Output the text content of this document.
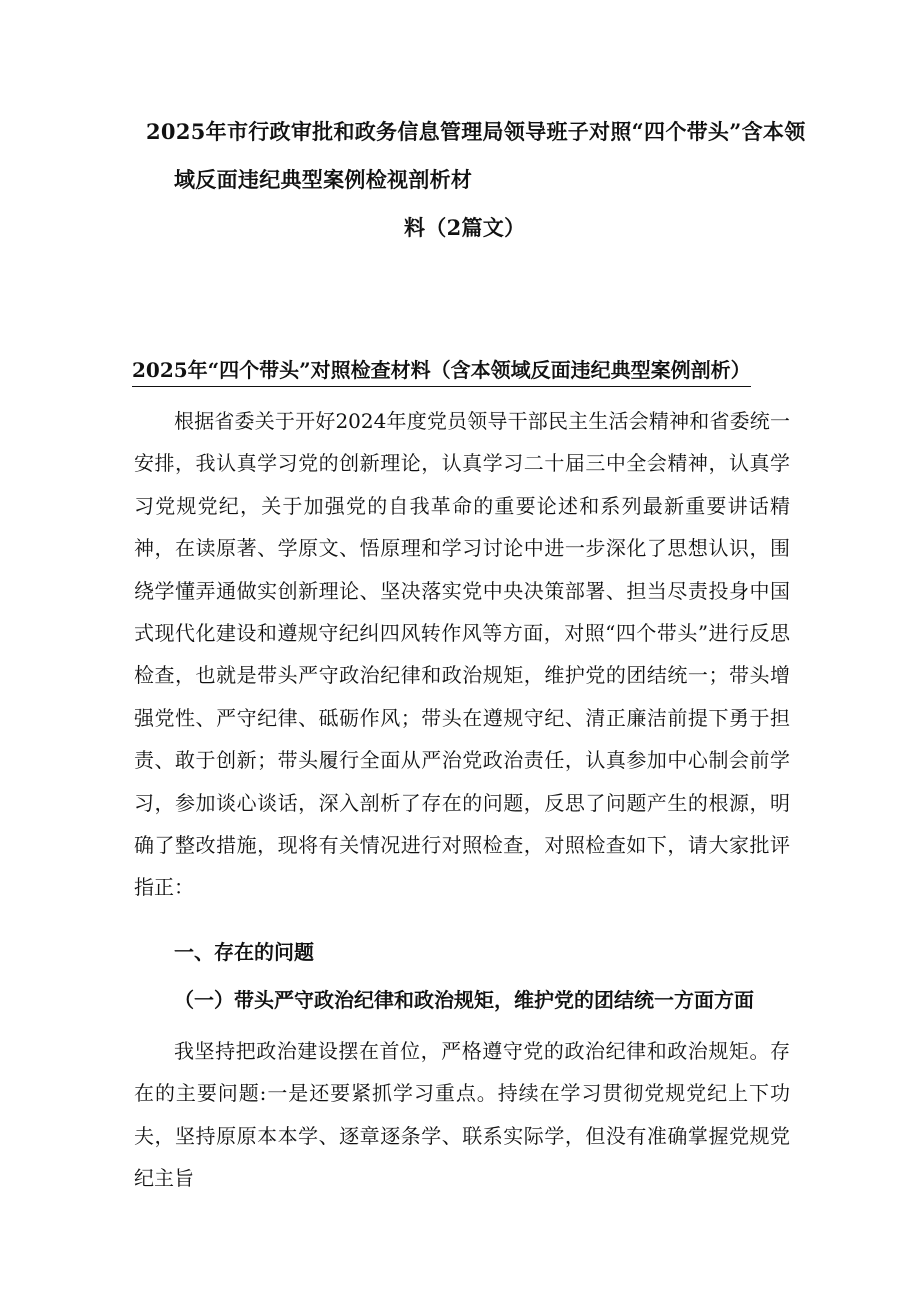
2025年市行政审批和政务信息管理局领导班子对照“四个带头”含本领
域反面违纪典型案例检视剖析材
料（2篇文）
2025年“四个带头”对照检查材料（含本领域反面违纪典型案例剖析）

根据省委关于开好2024年度党员领导干部民主生活会精神和省委统一安排，我认真学习党的创新理论，认真学习二十届三中全会精神，认真学习党规党纪，关于加强党的自我革命的重要论述和系列最新重要讲话精神，在读原著、学原文、悟原理和学习讨论中进一步深化了思想认识，围绕学懂弄通做实创新理论、坚决落实党中央决策部署、担当尽责投身中国式现代化建设和遵规守纪纠四风转作风等方面，对照“四个带头”进行反思检查，也就是带头严守政治纪律和政治规矩，维护党的团结统一；带头增强党性、严守纪律、砥砺作风；带头在遵规守纪、清正廉洁前提下勇于担责、敢于创新；带头履行全面从严治党政治责任，认真参加中心制会前学习，参加谈心谈话，深入剖析了存在的问题，反思了问题产生的根源，明确了整改措施，现将有关情况进行对照检查，对照检查如下，请大家批评指正：

一、存在的问题
（一）带头严守政治纪律和政治规矩，维护党的团结统一方面方面

我坚持把政治建设摆在首位，严格遵守党的政治纪律和政治规矩。存在的主要问题:一是还要紧抓学习重点。持续在学习贯彻党规党纪上下功夫，坚持原原本本学、逐章逐条学、联系实际学，但没有准确掌握党规党纪主旨
